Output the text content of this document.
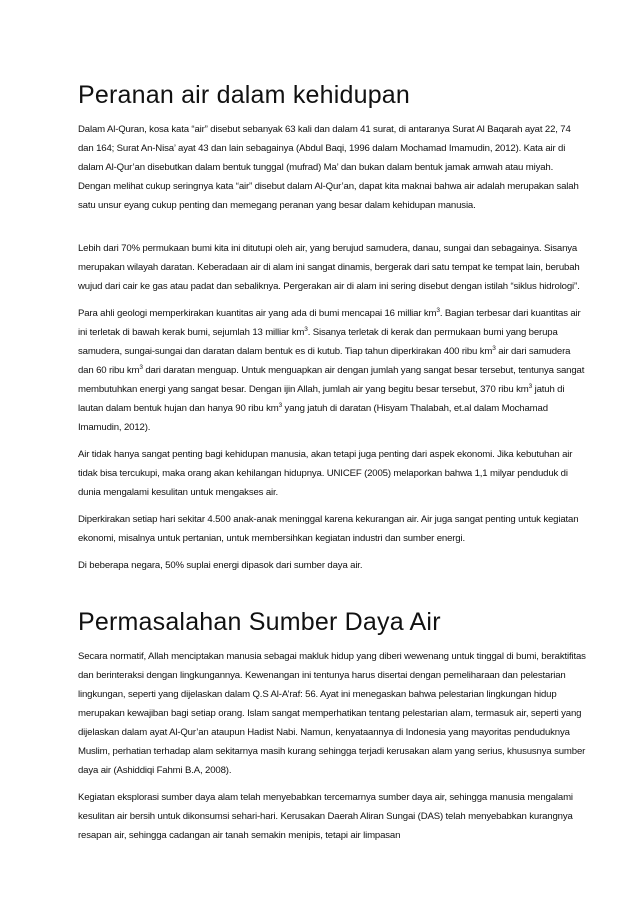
Peranan air dalam kehidupan

Dalam Al-Quran, kosa kata “air” disebut sebanyak 63 kali dan dalam 41 surat, di antaranya Surat Al Baqarah ayat 22, 74 dan 164; Surat An-Nisa’ ayat 43 dan lain sebagainya (Abdul Baqi, 1996 dalam Mochamad Imamudin, 2012). Kata air di dalam Al-Qur’an disebutkan dalam bentuk tunggal (mufrad) Ma’ dan bukan dalam bentuk jamak amwah atau miyah. Dengan melihat cukup seringnya kata “air” disebut dalam Al-Qur’an, dapat kita maknai bahwa air adalah merupakan salah satu unsur eyang cukup penting dan memegang peranan yang besar dalam kehidupan manusia.

Lebih dari 70% permukaan bumi kita ini ditutupi oleh air, yang berujud samudera, danau, sungai dan sebagainya. Sisanya merupakan wilayah daratan. Keberadaan air di alam ini sangat dinamis, bergerak dari satu tempat ke tempat lain, berubah wujud dari cair ke gas atau padat dan sebaliknya. Pergerakan air di alam ini sering disebut dengan istilah “siklus hidrologi”.

Para ahli geologi memperkirakan kuantitas air yang ada di bumi mencapai 16 milliar $km^3$. Bagian terbesar dari kuantitas air ini terletak di bawah kerak bumi, sejumlah 13 milliar $km^3$. Sisanya terletak di kerak dan permukaan bumi yang berupa samudera, sungai-sungai dan daratan dalam bentuk es di kutub. Tiap tahun diperkirakan 400 ribu $km^3$ air dari samudera dan 60 ribu $km^3$ dari daratan menguap. Untuk menguapkan air dengan jumlah yang sangat besar tersebut, tentunya sangat membutuhkan energi yang sangat besar. Dengan ijin Allah, jumlah air yang begitu besar tersebut, 370 ribu $km^3$ jatuh di lautan dalam bentuk hujan dan hanya 90 ribu $km^3$ yang jatuh di daratan (Hisyam Thalabah, et.al dalam Mochamad Imamudin, 2012).

Air tidak hanya sangat penting bagi kehidupan manusia, akan tetapi juga penting dari aspek ekonomi. Jika kebutuhan air tidak bisa tercukupi, maka orang akan kehilangan hidupnya. UNICEF (2005) melaporkan bahwa 1,1 milyar penduduk di dunia mengalami kesulitan untuk mengakses air.

Diperkirakan setiap hari sekitar 4.500 anak-anak meninggal karena kekurangan air. Air juga sangat penting untuk kegiatan ekonomi, misalnya untuk pertanian, untuk membersihkan kegiatan industri dan sumber energi.

Di beberapa negara, 50% suplai energi dipasok dari sumber daya air.

Permasalahan Sumber Daya Air

Secara normatif, Allah menciptakan manusia sebagai makluk hidup yang diberi wewenang untuk tinggal di bumi, beraktifitas dan berinteraksi dengan lingkungannya. Kewenangan ini tentunya harus disertai dengan pemeliharaan dan pelestarian lingkungan, seperti yang dijelaskan dalam Q.S Al-A’raf: 56. Ayat ini menegaskan bahwa pelestarian lingkungan hidup merupakan kewajiban bagi setiap orang. Islam sangat memperhatikan tentang pelestarian alam, termasuk air, seperti yang dijelaskan dalam ayat Al-Qur’an ataupun Hadist Nabi. Namun, kenyataannya di Indonesia yang mayoritas penduduknya Muslim, perhatian terhadap alam sekitarnya masih kurang sehingga terjadi kerusakan alam yang serius, khususnya sumber daya air (Ashiddiqi Fahmi B.A, 2008).

Kegiatan eksplorasi sumber daya alam telah menyebabkan tercemarnya sumber daya air, sehingga manusia mengalami kesulitan air bersih untuk dikonsumsi sehari-hari. Kerusakan Daerah Aliran Sungai (DAS) telah menyebabkan kurangnya resapan air, sehingga cadangan air tanah semakin menipis, tetapi air limpasan
